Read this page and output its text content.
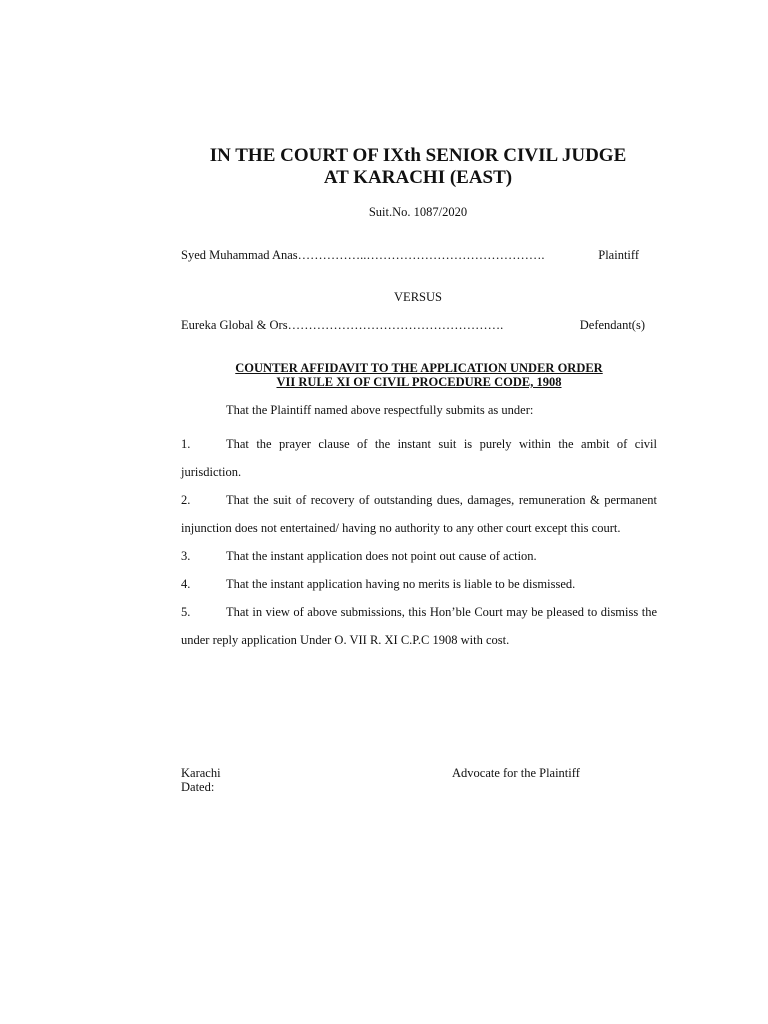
IN THE COURT OF IXth SENIOR CIVIL JUDGE
AT KARACHI (EAST)

Suit.No. 1087/2020

Syed Muhammad Anas ……………..…………………………………….	Plaintiff

VERSUS

Eureka Global & Ors …………………………………………….	Defendant(s)
COUNTER AFFIDAVIT TO THE APPLICATION UNDER ORDER
VII RULE XI OF CIVIL PROCEDURE CODE, 1908

That the Plaintiff named above respectfully submits as under:

1.	That the prayer clause of the instant suit is purely within the ambit of civil jurisdiction.
2.	That the suit of recovery of outstanding dues, damages, remuneration & permanent injunction does not entertained/ having no authority to any other court except this court.
3.	That the instant application does not point out cause of action.
4.	That the instant application having no merits is liable to be dismissed.
5.	That in view of above submissions, this Hon’ble Court may be pleased to dismiss the under reply application Under O. VII R. XI C.P.C 1908 with cost.
Karachi
Dated:
Advocate for the Plaintiff
